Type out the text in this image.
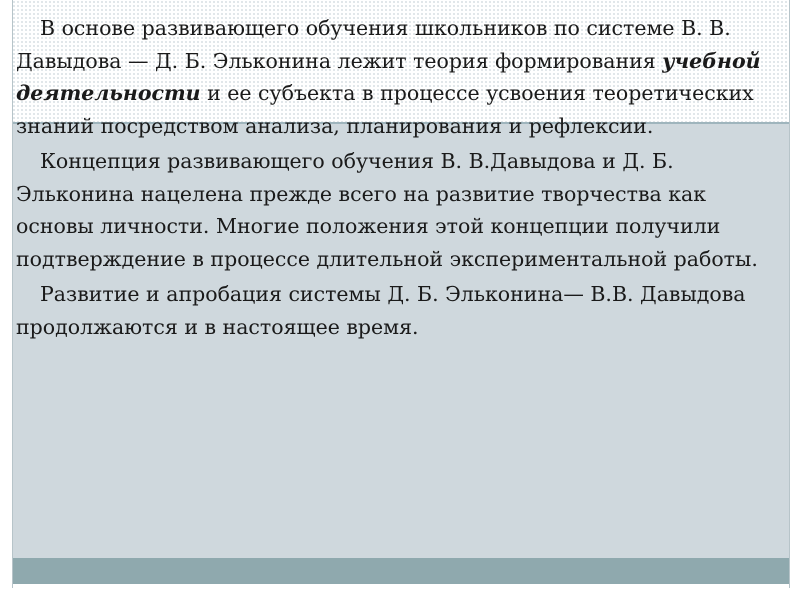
В основе развивающего обучения школьников по системе В. В. Давыдова — Д. Б. Эльконина лежит теория формирования учебной деятельности и ее субъекта в процессе усвоения теоретических знаний посредством анализа, планирования и рефлексии.

Концепция развивающего обучения В. В.Давыдова и Д. Б. Эльконина нацелена прежде всего на развитие творчества как основы личности. Многие положения этой концепции получили подтверждение в процессе длительной экспериментальной работы.

Развитие и апробация системы Д. Б. Эльконина— В.В. Давыдова продолжаются и в настоящее время.
